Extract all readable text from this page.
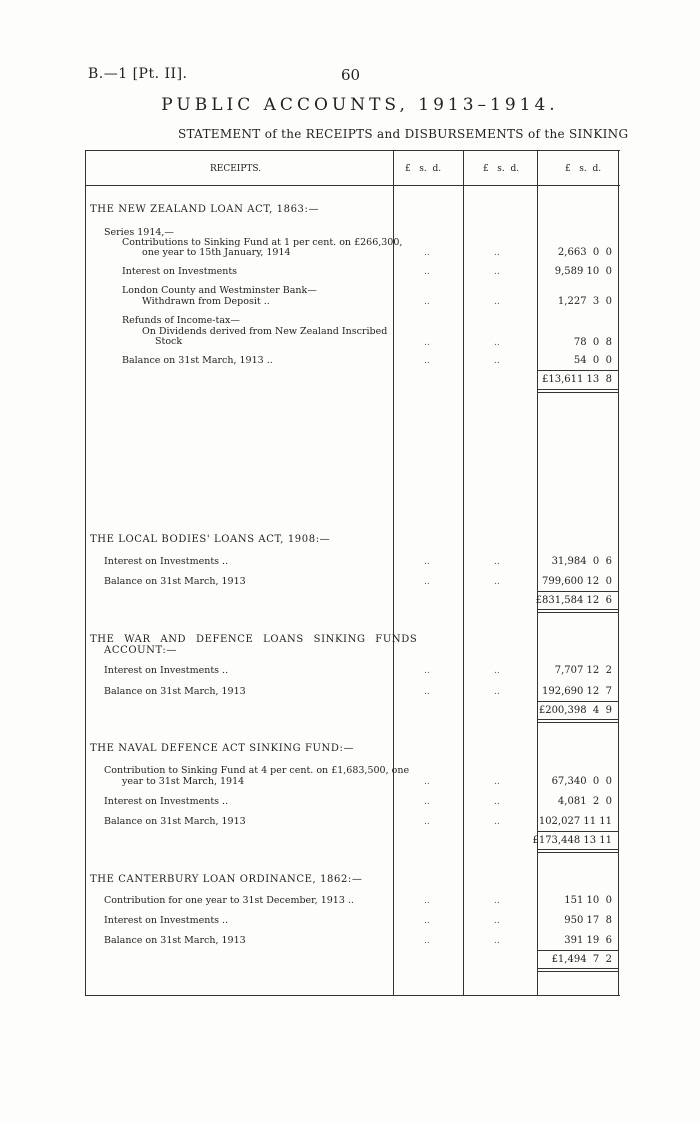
B.—1 [Pt. II].	60
PUBLIC ACCOUNTS, 1913–1914.
STATEMENT of the RECEIPTS and DISBURSEMENTS of the SINKING
RECEIPTS.	£   s.  d.	£   s.  d.	£   s.  d.
THE NEW ZEALAND LOAN ACT, 1863:—
Series 1914,—
Contributions to Sinking Fund at 1 per cent. on £266,300,
one year to 15th January, 1914	..	..	2,663  0  0
Interest on Investments	..	..	9,589 10  0
London County and Westminster Bank—
Withdrawn from Deposit ..	..	..	1,227  3  0
Refunds of Income-tax—
On Dividends derived from New Zealand Inscribed
Stock	..	..	78  0  8
Balance on 31st March, 1913 ..	..	..	54  0  0
£13,611 13  8
THE LOCAL BODIES' LOANS ACT, 1908:—
Interest on Investments ..	..	..	31,984  0  6
Balance on 31st March, 1913	..	..	799,600 12  0
£831,584 12  6
THE WAR AND DEFENCE LOANS SINKING FUNDS
ACCOUNT:—
Interest on Investments ..	..	..	7,707 12  2
Balance on 31st March, 1913	..	..	192,690 12  7
£200,398  4  9
THE NAVAL DEFENCE ACT SINKING FUND:—
Contribution to Sinking Fund at 4 per cent. on £1,683,500, one
year to 31st March, 1914	..	..	67,340  0  0
Interest on Investments ..	..	..	4,081  2  0
Balance on 31st March, 1913	..	..	102,027 11 11
£173,448 13 11
THE CANTERBURY LOAN ORDINANCE, 1862:—
Contribution for one year to 31st December, 1913 ..	..	..	151 10  0
Interest on Investments ..	..	..	950 17  8
Balance on 31st March, 1913	..	..	391 19  6
£1,494  7  2
